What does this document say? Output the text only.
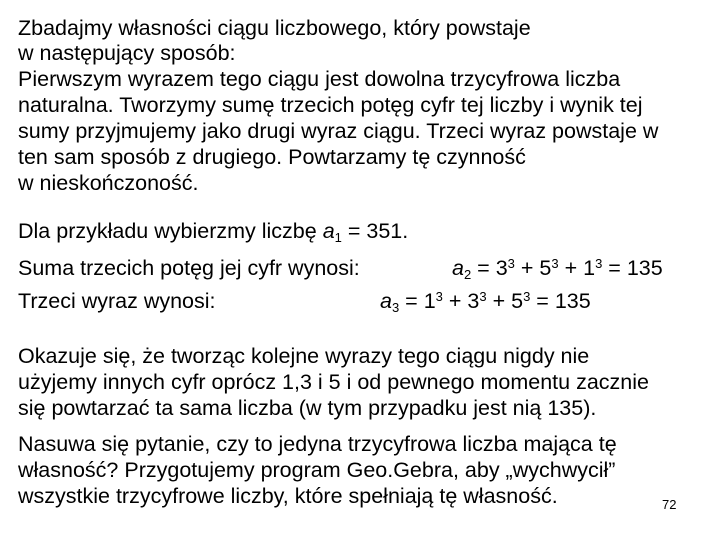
Zbadajmy własności ciągu liczbowego, który powstaje
w następujący sposób:
Pierwszym wyrazem tego ciągu jest dowolna trzycyfrowa liczba
naturalna. Tworzymy sumę trzecich potęg cyfr tej liczby i wynik tej
sumy przyjmujemy jako drugi wyraz ciągu. Trzeci wyraz powstaje w
ten sam sposób z drugiego. Powtarzamy tę czynność
w nieskończoność.
Dla przykładu wybierzmy liczbę $a_1 = 351$.
Suma trzecich potęg jej cyfr wynosi:	$a_2 = 3^3 + 5^3 + 1^3 = 135$
Trzeci wyraz wynosi:	$a_3 = 1^3 + 3^3 + 5^3 = 135$
Okazuje się, że tworząc kolejne wyrazy tego ciągu nigdy nie
użyjemy innych cyfr oprócz 1,3 i 5 i od pewnego momentu zacznie
się powtarzać ta sama liczba (w tym przypadku jest nią 135).
Nasuwa się pytanie, czy to jedyna trzycyfrowa liczba mająca tę
własność? Przygotujemy program Geo.Gebra, aby „wychwycił”
wszystkie trzycyfrowe liczby, które spełniają tę własność.	72
